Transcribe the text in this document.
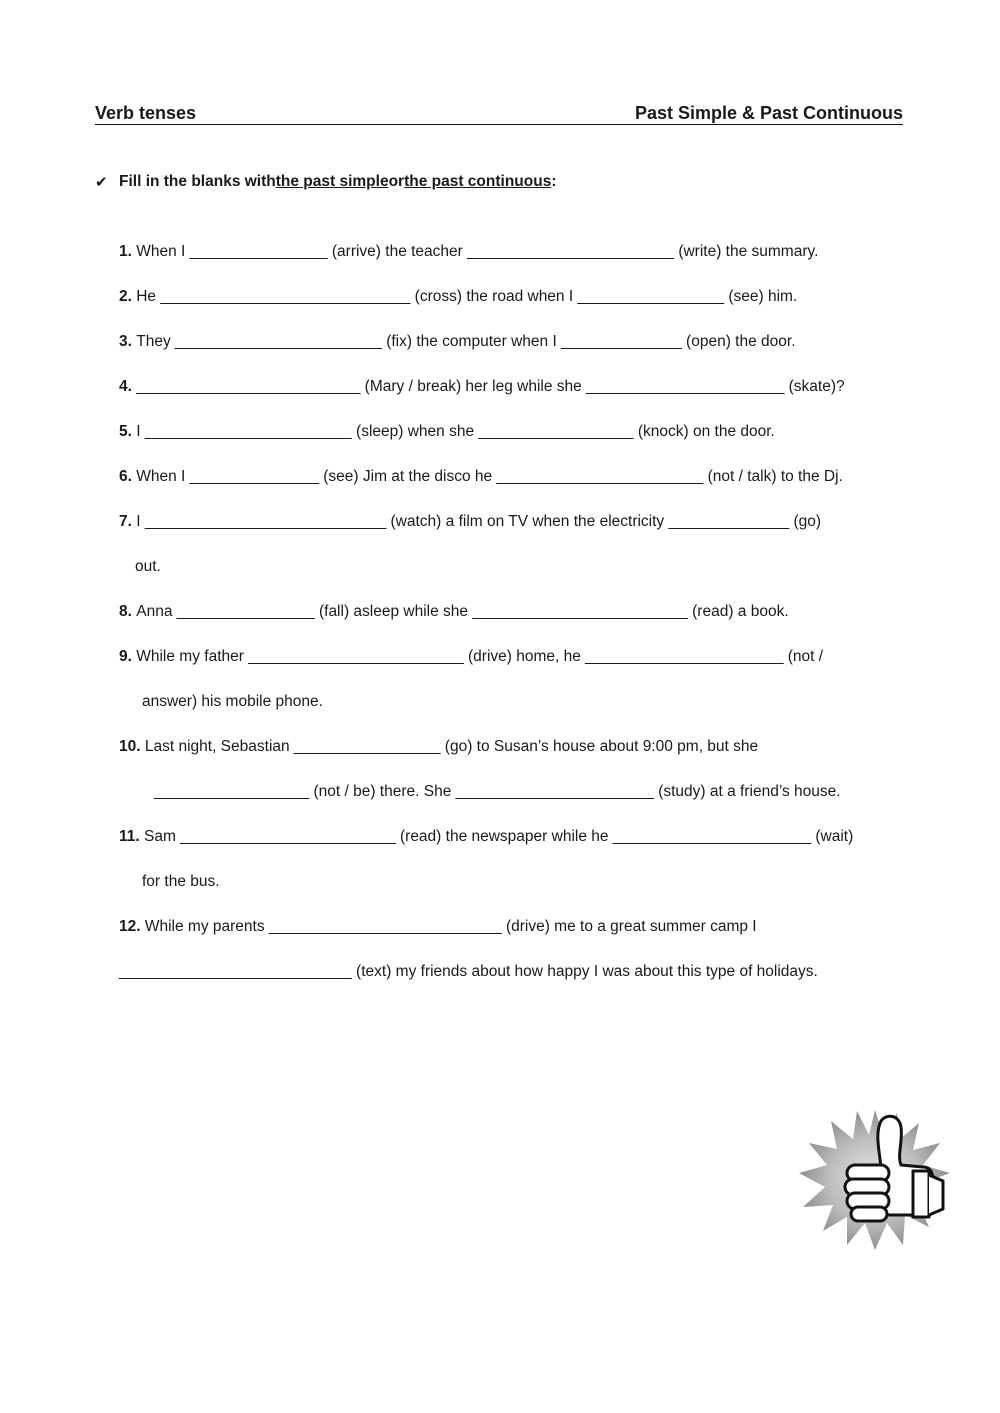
Verb tenses	Past Simple & Past Continuous
✔ Fill in the blanks with the past simple or the past continuous :
1. When I ________________ (arrive) the teacher ________________________ (write) the summary.
2. He _____________________________ (cross) the road when I _________________ (see) him.
3. They ________________________ (fix) the computer when I ______________ (open) the door.
4. __________________________ (Mary / break) her leg while she _______________________ (skate)?
5. I ________________________ (sleep) when she __________________ (knock) on the door.
6. When I _______________ (see) Jim at the disco he ________________________ (not / talk) to the Dj.
7. I ____________________________ (watch) a film on TV when the electricity ______________ (go)
out.
8. Anna ________________ (fall) asleep while she _________________________ (read) a book.
9. While my father _________________________ (drive) home, he _______________________ (not /
answer) his mobile phone.
10. Last night, Sebastian _________________ (go) to Susan’s house about 9:00 pm, but she
__________________ (not / be) there. She _______________________ (study) at a friend’s house.
11. Sam _________________________ (read) the newspaper while he _______________________ (wait)
for the bus.
12. While my parents ___________________________ (drive) me to a great summer camp I
___________________________ (text) my friends about how happy I was about this type of holidays.
